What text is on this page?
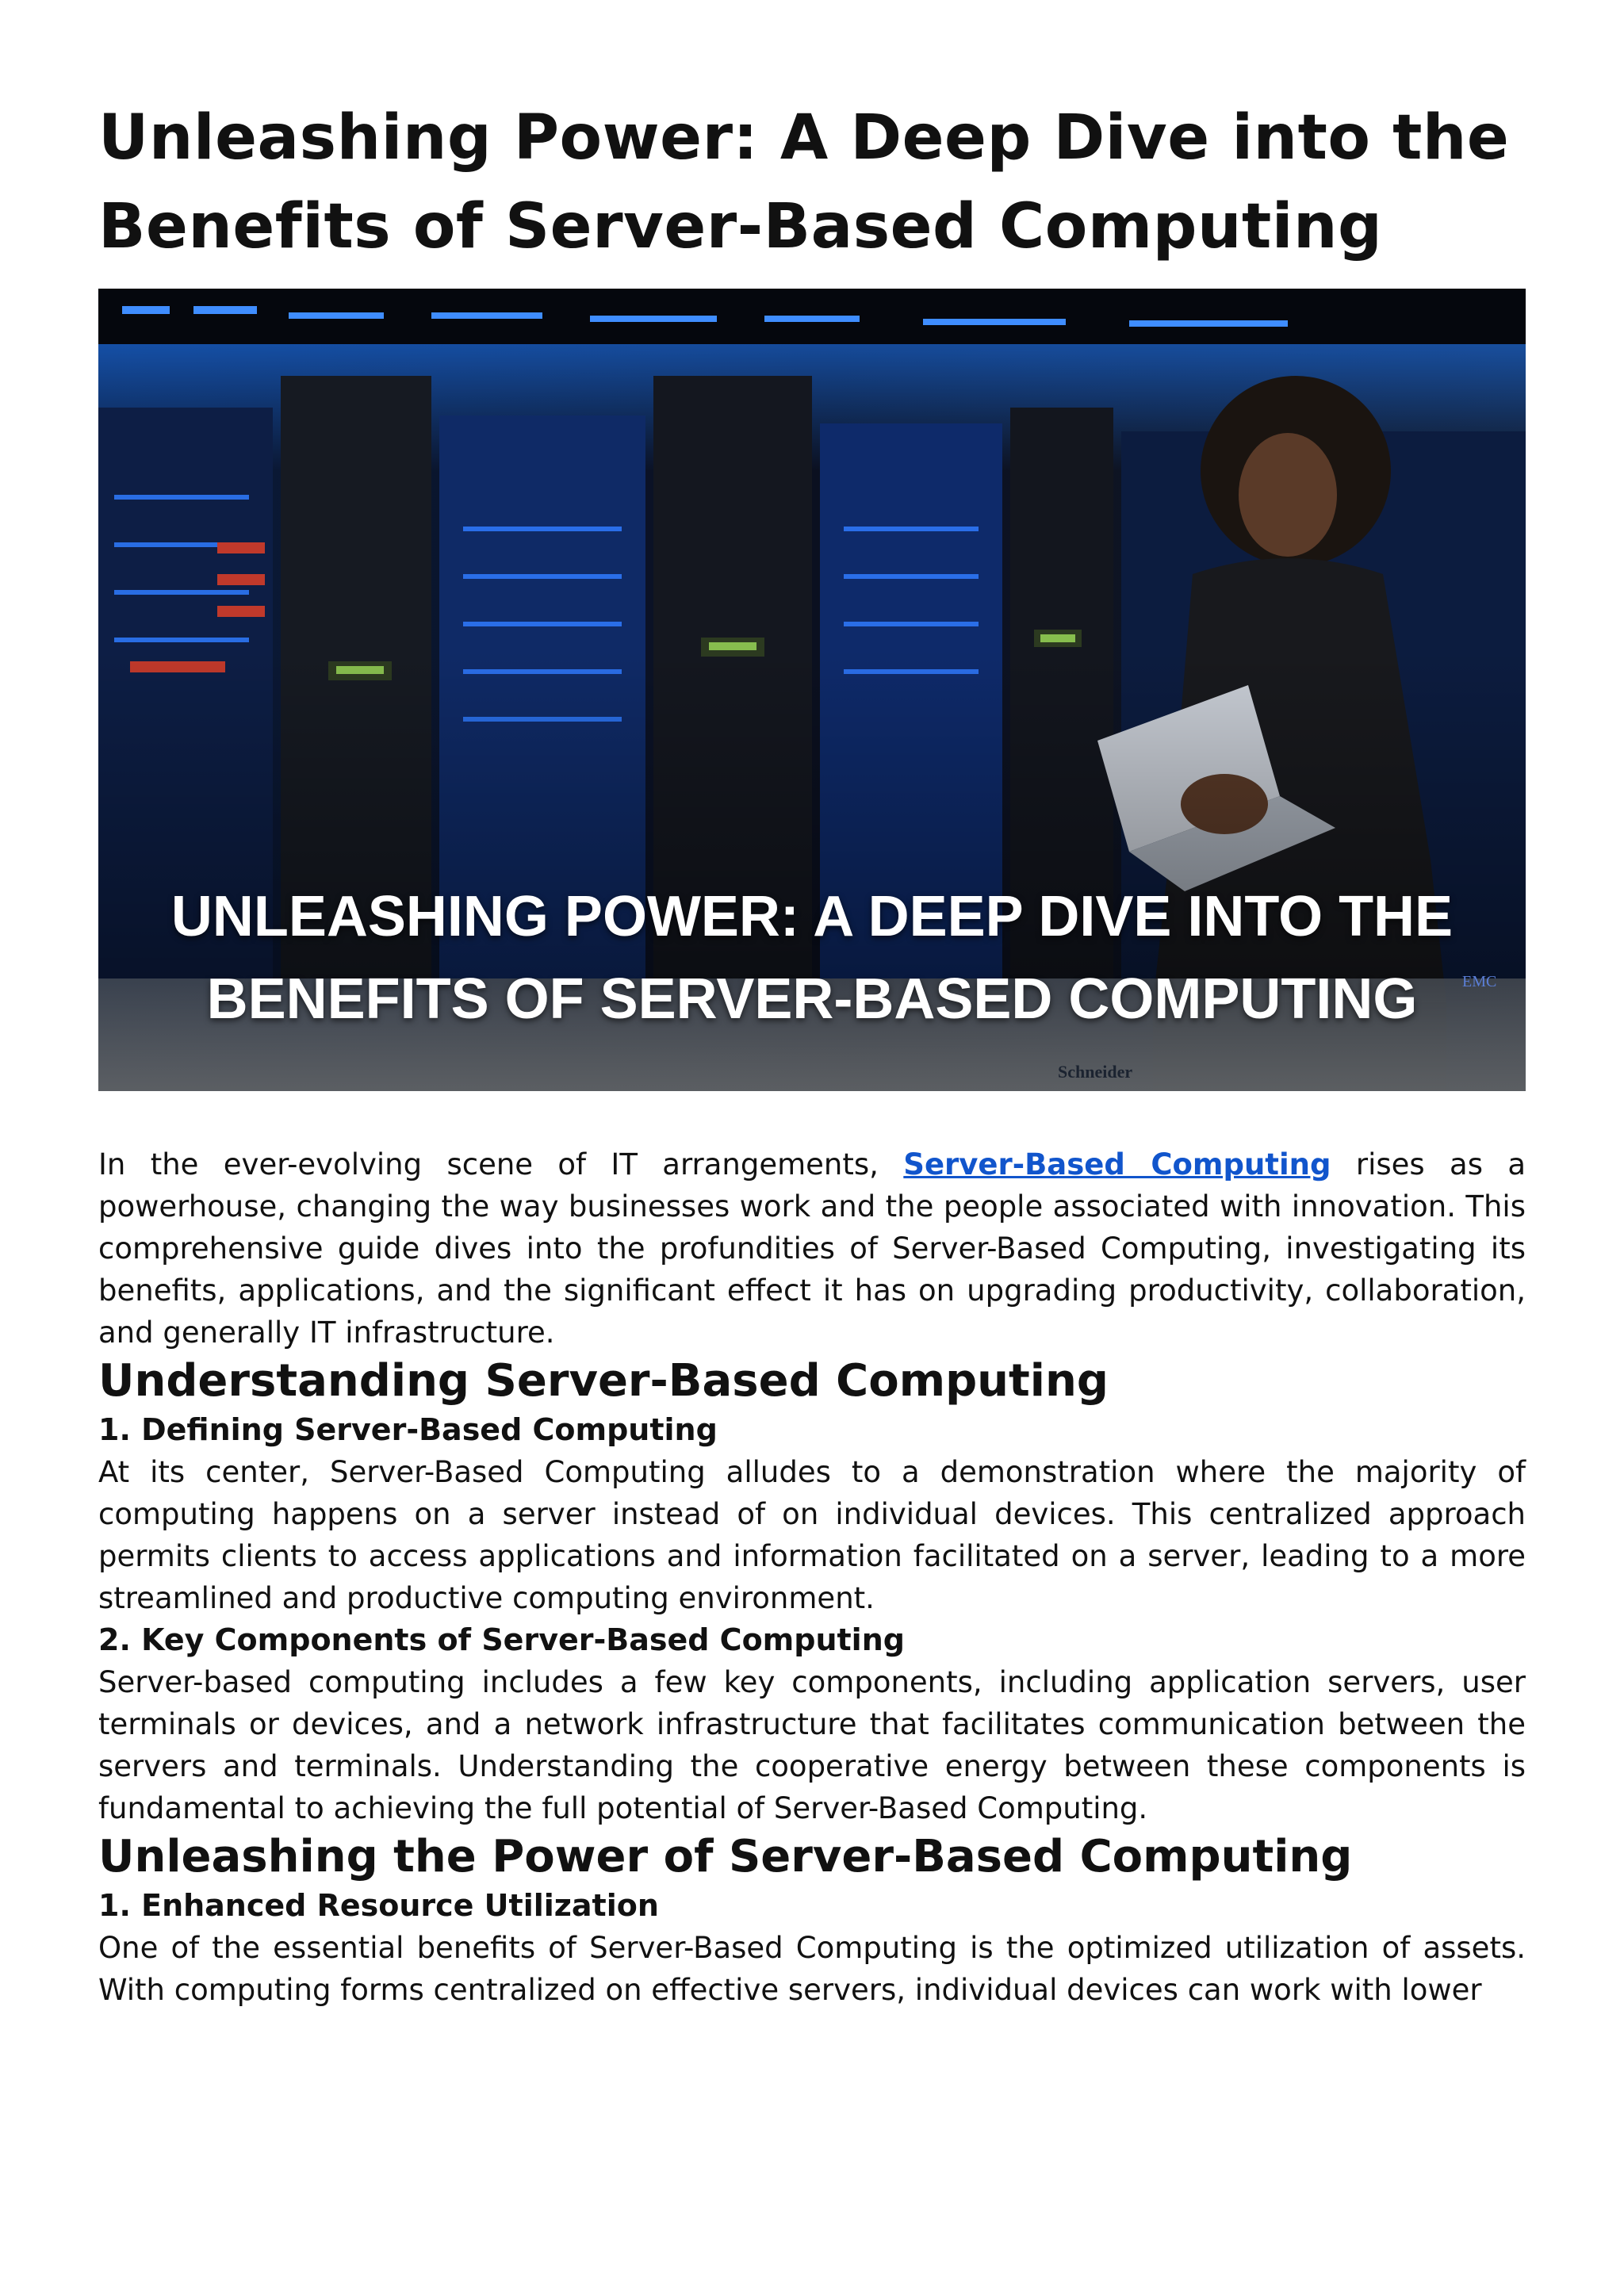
Unleashing Power: A Deep Dive into the Benefits of Server-Based Computing
Schneider
EMC
UNLEASHING POWER: A DEEP DIVE INTO THE
BENEFITS OF SERVER-BASED COMPUTING

In the ever-evolving scene of IT arrangements, Server-Based Computing rises as a powerhouse, changing the way businesses work and the people associated with innovation. This comprehensive guide dives into the profundities of Server-Based Computing, investigating its benefits, applications, and the significant effect it has on upgrading productivity, collaboration, and generally IT infrastructure.

Understanding Server-Based Computing
1. Defining Server-Based Computing

At its center, Server-Based Computing alludes to a demonstration where the majority of computing happens on a server instead of on individual devices. This centralized approach permits clients to access applications and information facilitated on a server, leading to a more streamlined and productive computing environment.

2. Key Components of Server-Based Computing

Server-based computing includes a few key components, including application servers, user terminals or devices, and a network infrastructure that facilitates communication between the servers and terminals. Understanding the cooperative energy between these components is fundamental to achieving the full potential of Server-Based Computing.

Unleashing the Power of Server-Based Computing
1. Enhanced Resource Utilization

One of the essential benefits of Server-Based Computing is the optimized utilization of assets. With computing forms centralized on effective servers, individual devices can work with lower
